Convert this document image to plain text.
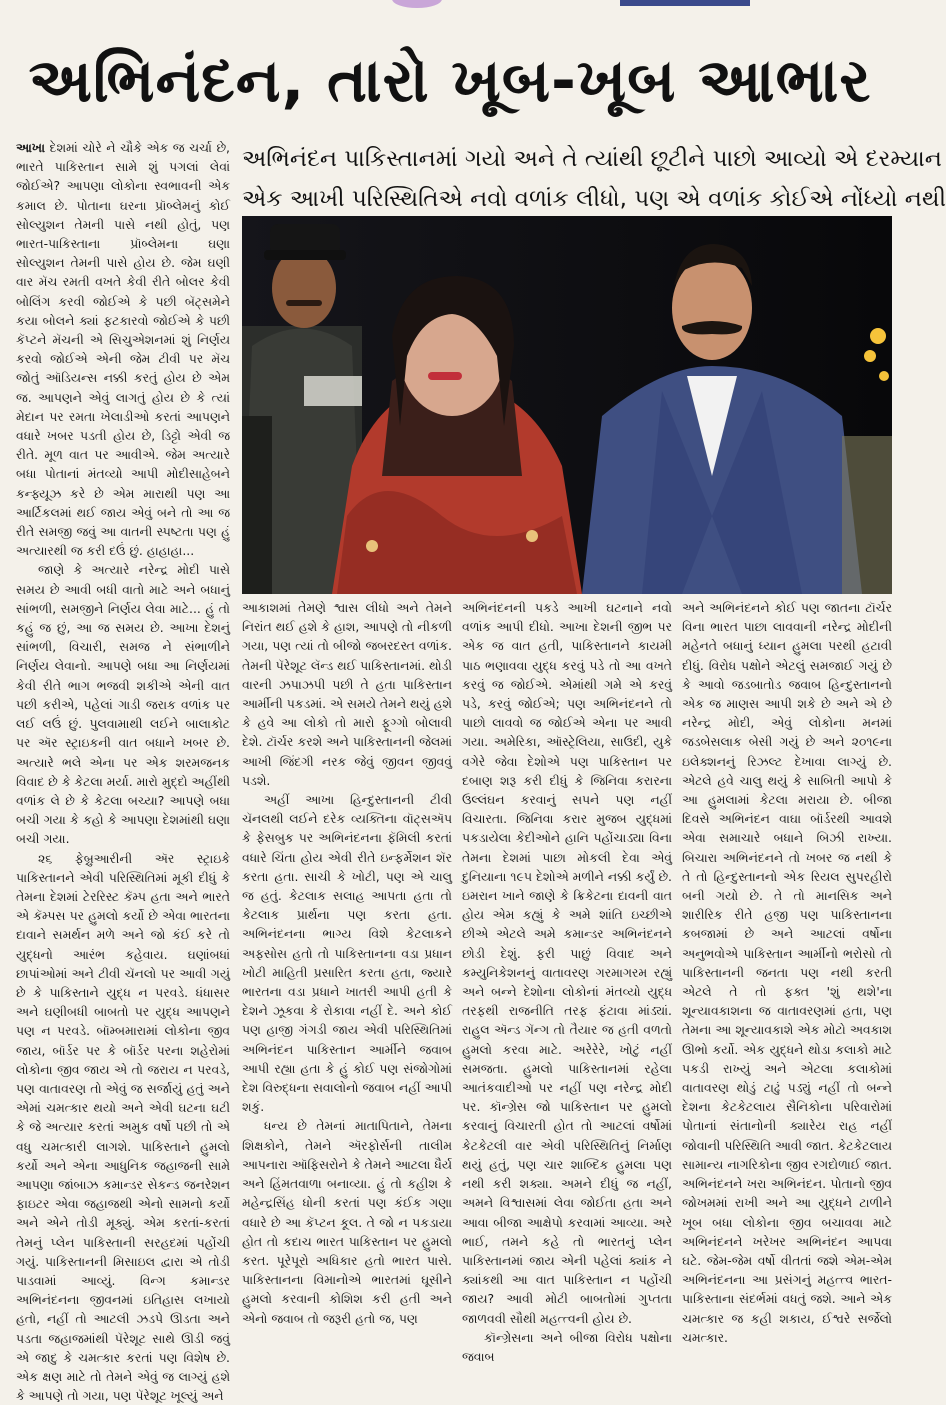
અભિનંદન, તારો ખૂબ-ખૂબ આભાર
અભિનંદન પાકિસ્તાનમાં ગયો અને તે ત્યાંથી છૂટીને પાછો આવ્યો એ દરમ્યાન
એક આખી પરિસ્થિતિએ નવો વળાંક લીધો, પણ એ વળાંક કોઈએ નોંધ્યો નથી

આખા દેશમાં ચોરે ને ચૌકે એક જ ચર્ચા છે, ભારતે પાકિસ્તાન સામે શું પગલાં લેવાં જોઈએ? આપણા લોકોના સ્વભાવની એક કમાલ છે. પોતાના ઘરના પ્રૉબ્લેમનું કોઈ સોલ્યુશન તેમની પાસે નથી હોતું, પણ ભારત-પાકિસ્તાના પ્રૉબ્લેમના ઘણા સોલ્યુશન તેમની પાસે હોય છે. જેમ ઘણી વાર મૅચ રમતી વખતે કેવી રીતે બોલર કેવી બોલિંગ કરવી જોઈએ કે પછી બૅટ્સમેને કયા બોલને ક્યાં ફટકારવો જોઈએ કે પછી કૅપ્ટને મૅચની એ સિચુએશનમાં શું નિર્ણય કરવો જોઈએ એની જેમ ટીવી પર મૅચ જોતું ઑડિયન્સ નક્કી કરતું હોય છે એમ જ. આપણને એવું લાગતું હોય છે કે ત્યાં મેદાન પર રમતા ખેલાડીઓ કરતાં આપણને વધારે ખબર પડતી હોય છે, ડિટ્ટો એવી જ રીતે. મૂળ વાત પર આવીએ. જેમ અત્યારે બધા પોતાનાં મંતવ્યો આપી મોદીસાહેબને કન્ફ્યૂઝ કરે છે એમ મારાથી પણ આ આર્ટિકલમાં થઈ જાય એવું બને તો આ જ રીતે સમજી જવું આ વાતની સ્પષ્ટતા પણ હું અત્યારથી જ કરી દઉં છું. હાહાહા...

જાણે કે અત્યારે નરેન્દ્ર મોદી પાસે સમય છે આવી બધી વાતો માટે અને બધાનું સાંભળી, સમજીને નિર્ણય લેવા માટે... હું તો કહું જ છું, આ જ સમય છે. આખા દેશનું સાંભળી, વિચારી, સમજ ને સંભાળીને નિર્ણય લેવાનો. આપણે બધા આ નિર્ણયમાં કેવી રીતે ભાગ ભજવી શકીએ એની વાત પછી કરીએ, પહેલાં ગાડી જરાક વળાંક પર લઈ લઉં છું. પુલવામાથી લઈને બાલાકોટ પર ઍર સ્ટ્રાઇકની વાત બધાને ખબર છે. અત્યારે ભલે એના પર એક શરમજનક વિવાદ છે કે કેટલા મર્યા. મારો મુદ્દો અહીંથી વળાંક લે છે કે કેટલા બચ્યા? આપણે બધા બચી ગયા કે કહો કે આપણા દેશમાંથી ઘણા બચી ગયા.

૨૬ ફેબ્રુઆરીની ઍર સ્ટ્રાઇકે પાકિસ્તાનને એવી પરિસ્થિતિમાં મૂકી દીધું કે તેમના દેશમાં ટેરરિસ્ટ કૅમ્પ હતા અને ભારતે એ કૅમ્પસ પર હુમલો કર્યો છે એવા ભારતના દાવાને સમર્થન મળે અને જો કંઈ કરે તો યુદ્ધનો આરંભ કહેવાય. ઘણાંબધાં છાપાંઓમાં અને ટીવી ચૅનલો પર આવી ગયું છે કે પાકિસ્તાને યુદ્ધ ન પરવડે. ધંધાસર અને ઘણીબધી બાબતો પર યુદ્ધ આપણને પણ ન પરવડે. બૉમ્બમારામાં લોકોના જીવ જાય, બૉર્ડર પર કે બૉર્ડર પરના શહેરોમાં લોકોના જીવ જાય એ તો જરાય ન પરવડે, પણ વાતાવરણ તો એવું જ સર્જાયું હતું અને એમાં ચમત્કાર થયો અને એવી ઘટના ઘટી કે જે અત્યાર કરતાં અમુક વર્ષો પછી તો એ વધુ ચમત્કારી લાગશે. પાકિસ્તાને હુમલો કર્યો અને એના આધુનિક જહાજની સામે આપણા જાંબાઝ કમાન્ડર સેકન્ડ જનરેશન ફાઇટર એવા જહાજથી એનો સામનો કર્યો અને એને તોડી મૂક્યું. એમ કરતાં-કરતાં તેમનું પ્લેન પાકિસ્તાની સરહદમાં પહોંચી ગયું. પાકિસ્તાનની મિસાઇલ દ્વારા એ તોડી પાડવામાં આવ્યું. વિન્ગ કમાન્ડર અભિનંદનના જીવનમાં ઇતિહાસ લખાયો હતો, નહીં તો આટલી ઝડપે ઊડતા અને પડતા જહાજમાંથી પૅરેશૂટ સાથે ઊડી જવું એ જાદુ કે ચમત્કાર કરતાં પણ વિશેષ છે. એક ક્ષણ માટે તો તેમને એવું જ લાગ્યું હશે કે આપણે તો ગયા, પણ પૅરેશૂટ ખૂલ્યું અને

આકાશમાં તેમણે શ્વાસ લીધો અને તેમને નિરાંત થઈ હશે કે હાશ, આપણે તો નીકળી ગયા, પણ ત્યાં તો બીજો જબરદસ્ત વળાંક. તેમની પૅરેશૂટ લૅન્ડ થઈ પાકિસ્તાનમાં. થોડી વારની ઝપાઝપી પછી તે હતા પાકિસ્તાન આર્મીની પકડમાં. એ સમયે તેમને થયું હશે કે હવે આ લોકો તો મારો ફૂગ્ગો બોલાવી દેશે. ટૉર્ચર કરશે અને પાકિસ્તાનની જેલમાં આખી જિંદગી નરક જેવું જીવન જીવવું પડશે.

અહીં આખા હિન્દુસ્તાનની ટીવી ચૅનલથી લઈને દરેક વ્યક્તિના વૉટ્સઍપ કે ફેસબુક પર અભિનંદનના ફૅમિલી કરતાં વધારે ચિંતા હોય એવી રીતે ઇન્ફર્મેશન શૅર કરતા હતા. સાચી કે ખોટી, પણ એ ચાલુ જ હતું. કેટલાક સલાહ આપતા હતા તો કેટલાક પ્રાર્થના પણ કરતા હતા. અભિનંદનના ભાગ્ય વિશે કેટલાકને અફસોસ હતો તો પાકિસ્તાનના વડા પ્રધાન ખોટી માહિતી પ્રસારિત કરતા હતા, જ્યારે ભારતના વડા પ્રધાને ખાતરી આપી હતી કે દેશને ઝૂકવા કે રોકાવા નહીં દે. અને કોઈ પણ હાજી ગંગડી જાય એવી પરિસ્થિતિમાં અભિનંદન પાકિસ્તાન આર્મીને જવાબ આપી રહ્યા હતા કે હું કોઈ પણ સંજોગોમાં દેશ વિરુદ્ધના સવાલોનો જવાબ નહીં આપી શકું.

ધન્ય છે તેમનાં માતાપિતાને, તેમના શિક્ષકોને, તેમને ઍરફોર્સની તાલીમ આપનારા ઑફિસરોને કે તેમને આટલા ધૈર્ય અને હિંમતવાળા બનાવ્યા. હું તો કહીશ કે મહેન્દ્રસિંહ ધોની કરતાં પણ કંઈક ગણા વધારે છે આ કૅપ્ટન કૂલ. તે જો ન પકડાયા હોત તો કદાચ ભારત પાકિસ્તાન પર હુમલો કરત. પૂરેપૂરો અધિકાર હતો ભારત પાસે. પાકિસ્તાનના વિમાનોએ ભારતમાં ઘૂસીને હુમલો કરવાની કોશિશ કરી હતી અને એનો જવાબ તો જરૂરી હતો જ, પણ

અભિનંદનની પકડે આખી ઘટનાને નવો વળાંક આપી દીધો. આખા દેશની જીભ પર એક જ વાત હતી, પાકિસ્તાનને કાયમી પાઠ ભણાવવા યુદ્ધ કરવું પડે તો આ વખતે કરવું જ જોઈએ. એમાંથી ગમે એ કરવું પડે, કરવું જોઈએ; પણ અભિનંદનને તો પાછો લાવવો જ જોઈએ એના પર આવી ગયા. અમેરિકા, ઑસ્ટ્રેલિયા, સાઉદી, યુકે વગેરે જેવા દેશોએ પણ પાકિસ્તાન પર દબાણ શરૂ કરી દીધું કે જિનિવા કરારના ઉલ્લંઘન કરવાનું સપને પણ નહીં વિચારતા. જિનિવા કરાર મુજબ યુદ્ધમાં પકડાયેલા કેદીઓને હાનિ પહોંચાડ્યા વિના તેમના દેશમાં પાછા મોકલી દેવા એવું દુનિયાના ૧૯૫ દેશોએ મળીને નક્કી કર્યું છે. ઇમરાન ખાને જાણે કે ક્રિકેટના દાવની વાત હોય એમ કહ્યું કે અમે શાંતિ ઇચ્છીએ છીએ એટલે અમે કમાન્ડર અભિનંદનને છોડી દેશું. ફરી પાછું વિવાદ અને કમ્યુનિકેશનનું વાતાવરણ ગરમાગરમ રહ્યું અને બન્ને દેશોના લોકોનાં મંતવ્યો યુદ્ધ તરફથી રાજનીતિ તરફ ફંટાવા માંડ્યાં. રાહુલ ઍન્ડ ગૅન્ગ તો તૈયાર જ હતી વળતો હુમલો કરવા માટે. અરેરેરે, ખોટું નહીં સમજતા. હુમલો પાકિસ્તાનમાં રહેલા આતંકવાદીઓ પર નહીં પણ નરેન્દ્ર મોદી પર. કૉન્ગ્રેસ જો પાકિસ્તાન પર હુમલો કરવાનું વિચારતી હોત તો આટલાં વર્ષોમાં કેટકેટલી વાર એવી પરિસ્થિતિનું નિર્માણ થયું હતું, પણ ચાર શાબ્દિક હુમલા પણ નથી કરી શક્યા. અમને દીધું જ નહીં, અમને વિશ્વાસમાં લેવા જોઈતા હતા અને આવા બીજા આક્ષેપો કરવામાં આવ્યા. અરે ભાઈ, તમને કહે તો ભારતનું પ્લેન પાકિસ્તાનમાં જાય એની પહેલાં ક્યાંક ને ક્યાંકથી આ વાત પાકિસ્તાન ન પહોંચી જાય? આવી મોટી બાબતોમાં ગુપ્તતા જાળવવી સૌથી મહત્ત્વની હોય છે.

કૉન્ગ્રેસના અને બીજા વિરોધ પક્ષોના જવાબ

અને અભિનંદનને કોઈ પણ જાતના ટૉર્ચર વિના ભારત પાછા લાવવાની નરેન્દ્ર મોદીની મહેનતે બધાનું ધ્યાન હુમલા પરથી હટાવી દીધું. વિરોધ પક્ષોને એટલું સમજાઈ ગયું છે કે આવો જડબાતોડ જવાબ હિન્દુસ્તાનનો એક જ માણસ આપી શકે છે અને એ છે નરેન્દ્ર મોદી, એવું લોકોના મનમાં જડબેસલાક બેસી ગયું છે અને ૨૦૧૯ના ઇલેક્શનનું રિઝલ્ટ દેખાવા લાગ્યું છે. એટલે હવે ચાલુ થયું કે સાબિતી આપો કે આ હુમલામાં કેટલા મરાયા છે. બીજા દિવસે અભિનંદન વાઘા બૉર્ડરથી આવશે એવા સમાચારે બધાને બિઝી રાખ્યા. બિચારા અભિનંદનને તો ખબર જ નથી કે તે તો હિન્દુસ્તાનનો એક રિયલ સુપરહીરો બની ગયો છે. તે તો માનસિક અને શારીરિક રીતે હજી પણ પાકિસ્તાનના કબજામાં છે અને આટલાં વર્ષોના અનુભવોએ પાકિસ્તાન આર્મીનો ભરોસો તો પાકિસ્તાનની જનતા પણ નથી કરતી એટલે તે તો ફક્ત 'શું થશે'ના શૂન્યાવકાશના જ વાતાવરણમાં હતા, પણ તેમના આ શૂન્યાવકાશે એક મોટો અવકાશ ઊભો કર્યો. એક યુદ્ધને થોડા કલાકો માટે પકડી રાખ્યું અને એટલા કલાકોમાં વાતાવરણ થોડું ટાઢું પડ્યું નહીં તો બન્ને દેશના કેટકેટલાય સૈનિકોના પરિવારોમાં પોતાનાં સંતાનોની ક્યારેય રાહ નહીં જોવાની પરિસ્થિતિ આવી જાત. કેટકેટલાય સામાન્ય નાગરિકોના જીવ રગદોળાઈ જાત. અભિનંદનને ખરા અભિનંદન. પોતાનો જીવ જોખમમાં રાખી અને આ યુદ્ધને ટાળીને ખૂબ બધા લોકોના જીવ બચાવવા માટે અભિનંદનને ખરેખર અભિનંદન આપવા ઘટે. જેમ-જેમ વર્ષો વીતતાં જશે એમ-એમ અભિનંદનના આ પ્રસંગનું મહત્ત્વ ભારત-પાકિસ્તાના સંદર્ભમાં વધતું જશે. આને એક ચમત્કાર જ કહી શકાય, ઈશ્વરે સર્જેલો ચમત્કાર.
